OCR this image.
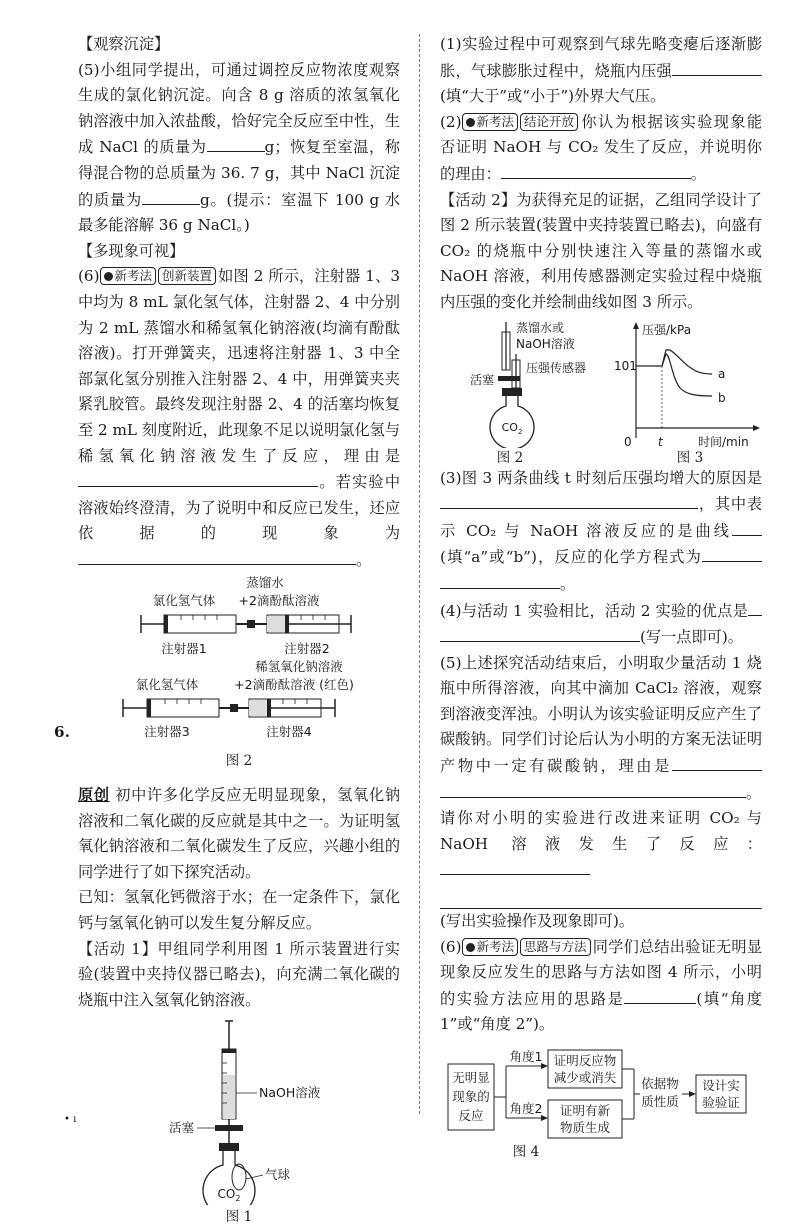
【观察沉淀】

(5)小组同学提出，可通过调控反应物浓度观察生成的氯化钠沉淀。向含 8 g 溶质的浓氢氧化钠溶液中加入浓盐酸，恰好完全反应至中性，生成 NaCl 的质量为	g；恢复至室温，称得混合物的总质量为 36. 7 g，其中 NaCl 沉淀的质量为	g。(提示：室温下 100 g 水最多能溶解 36 g NaCl。)

【多现象可视】

(6) 新考法 创新装置 如图 2 所示，注射器 1、3 中均为 8 mL 氯化氢气体，注射器 2、4 中分别为 2 mL 蒸馏水和稀氢氧化钠溶液(均滴有酚酞溶液)。打开弹簧夹，迅速将注射器 1、3 中全部氯化氢分别推入注射器 2、4 中，用弹簧夹夹紧乳胶管。最终发现注射器 2、4 的活塞均恢复至 2 mL 刻度附近，此现象不足以说明氯化氢与稀氢氧化钠溶液发生了反应，理由是。若实验中溶液始终澄清，为了说明中和反应已发生，还应依据的现象为。

蒸馏水
氯化氢气体 +2滴酚酞溶液
注射器1	注射器2
稀氢氧化钠溶液
氯化氢气体	+2滴酚酞溶液 (红色)
注射器3	注射器4
图 2

原创 初中许多化学反应无明显现象，氢氧化钠溶液和二氧化碳的反应就是其中之一。为证明氢氧化钠溶液和二氧化碳发生了反应，兴趣小组的同学进行了如下探究活动。

已知：氢氧化钙微溶于水；在一定条件下，氯化钙与氢氧化钠可以发生复分解反应。

【活动 1】甲组同学利用图 1 所示装置进行实验(装置中夹持仪器已略去)，向充满二氧化碳的烧瓶中注入氢氧化钠溶液。

NaOH溶液
活塞
气球
$CO_2$
图 1
6.

(1)实验过程中可观察到气球先略变瘪后逐渐膨胀，气球膨胀过程中，烧瓶内压强(填“大于”或“小于”)外界大气压。

(2) 新考法 结论开放 你认为根据该实验现象能否证明 NaOH 与 CO₂ 发生了反应，并说明你的理由：	。

【活动 2】为获得充足的证据，乙组同学设计了图 2 所示装置(装置中夹持装置已略去)，向盛有 CO₂ 的烧瓶中分别快速注入等量的蒸馏水或 NaOH 溶液，利用传感器测定实验过程中烧瓶内压强的变化并绘制曲线如图 3 所示。

蒸馏水或
NaOH溶液
压强传感器
活塞
$CO_2$
图 2
压强/kPa
101
a
b
0 t	时间/min
图 3

(3)图 3 两条曲线 t 时刻后压强均增大的原因是，其中表示 CO₂ 与 NaOH 溶液反应的是曲线(填“a”或“b”)，反应的化学方程式为。

(4)与活动 1 实验相比，活动 2 实验的优点是(写一点即可)。

(5)上述探究活动结束后，小明取少量活动 1 烧瓶中所得溶液，向其中滴加 CaCl₂ 溶液，观察到溶液变浑浊。小明认为该实验证明反应产生了碳酸钠。同学们讨论后认为小明的方案无法证明产物中一定有碳酸钠，理由是。

请你对小明的实验进行改进来证明 CO₂ 与 NaOH 溶液发生了反应：

(写出实验操作及现象即可)。

(6) 新考法 思路与方法 同学们总结出验证无明显现象反应发生的思路与方法如图 4 所示，小明的实验方法应用的思路是	(填“角度 1”或“角度 2”)。

无明显
现象的
反应
角度1
角度2
证明反应物
减少或消失
证明有新
物质生成
依据物
质性质
设计实
验验证
图 4
• ı
